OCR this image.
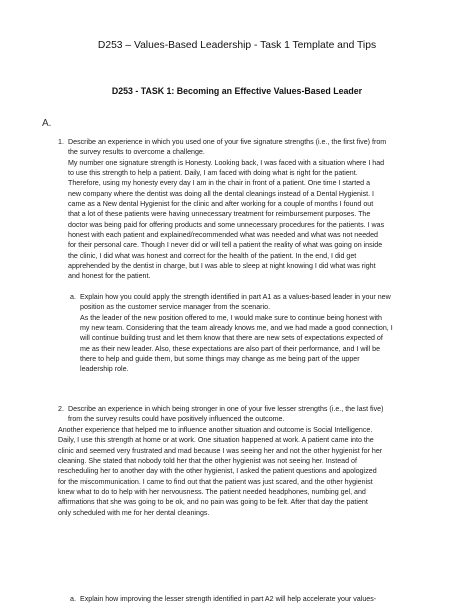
D253 – Values-Based Leadership - Task 1 Template and Tips
D253 - TASK 1: Becoming an Effective Values-Based Leader
A.
1. Describe an experience in which you used one of your five signature strengths (i.e., the first five) from
the survey results to overcome a challenge.
My number one signature strength is Honesty. Looking back, I was faced with a situation where I had
to use this strength to help a patient. Daily, I am faced with doing what is right for the patient.
Therefore, using my honesty every day I am in the chair in front of a patient. One time I started a
new company where the dentist was doing all the dental cleanings instead of a Dental Hygienist. I
came as a New dental Hygienist for the clinic and after working for a couple of months I found out
that a lot of these patients were having unnecessary treatment for reimbursement purposes. The
doctor was being paid for offering products and some unnecessary procedures for the patients. I was
honest with each patient and explained/recommended what was needed and what was not needed
for their personal care. Though I never did or will tell a patient the reality of what was going on inside
the clinic, I did what was honest and correct for the health of the patient. In the end, I did get
apprehended by the dentist in charge, but I was able to sleep at night knowing I did what was right
and honest for the patient.
a. Explain how you could apply the strength identified in part A1 as a values-based leader in your new
position as the customer service manager from the scenario.
As the leader of the new position offered to me, I would make sure to continue being honest with
my new team. Considering that the team already knows me, and we had made a good connection, I
will continue building trust and let them know that there are new sets of expectations expected of
me as their new leader. Also, these expectations are also part of their performance, and I will be
there to help and guide them, but some things may change as me being part of the upper
leadership role.
2. Describe an experience in which being stronger in one of your five lesser strengths (i.e., the last five)
from the survey results could have positively influenced the outcome.
Another experience that helped me to influence another situation and outcome is Social Intelligence.
Daily, I use this strength at home or at work. One situation happened at work. A patient came into the
clinic and seemed very frustrated and mad because I was seeing her and not the other hygienist for her
cleaning. She stated that nobody told her that the other hygienist was not seeing her. Instead of
rescheduling her to another day with the other hygienist, I asked the patient questions and apologized
for the miscommunication. I came to find out that the patient was just scared, and the other hygienist
knew what to do to help with her nervousness. The patient needed headphones, numbing gel, and
affirmations that she was going to be ok, and no pain was going to be felt. After that day the patient
only scheduled with me for her dental cleanings.
a. Explain how improving the lesser strength identified in part A2 will help accelerate your values-
